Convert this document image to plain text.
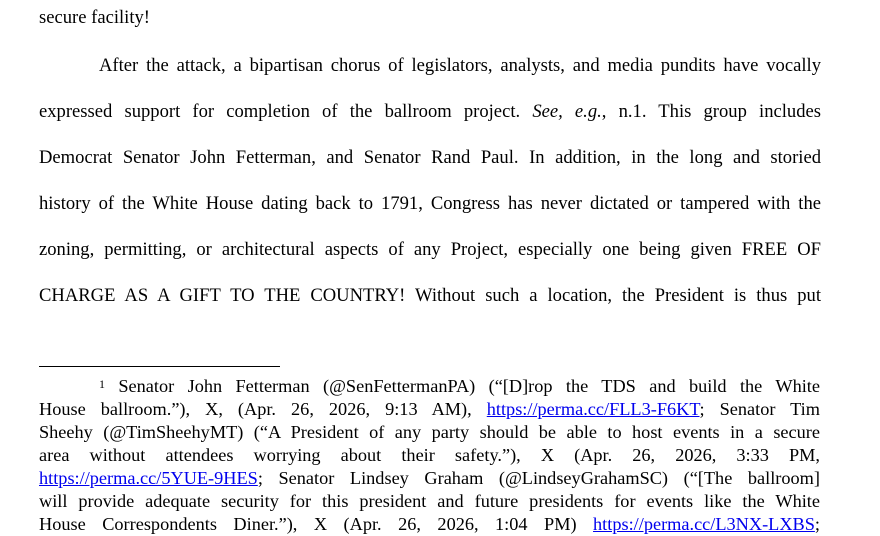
secure facility!
After the attack, a bipartisan chorus of legislators, analysts, and media pundits have vocally
expressed support for completion of the ballroom project. See, e.g., n.1. This group includes
Democrat Senator John Fetterman, and Senator Rand Paul. In addition, in the long and storied
history of the White House dating back to 1791, Congress has never dictated or tampered with the
zoning, permitting, or architectural aspects of any Project, especially one being given FREE OF
CHARGE AS A GIFT TO THE COUNTRY! Without such a location, the President is thus put
$^1$ Senator John Fetterman (@SenFettermanPA) (“[D]rop the TDS and build the White
House ballroom.”), X, (Apr. 26, 2026, 9:13 AM), https://perma.cc/FLL3-F6KT; Senator Tim
Sheehy (@TimSheehyMT) (“A President of any party should be able to host events in a secure
area without attendees worrying about their safety.”), X (Apr. 26, 2026, 3:33 PM,
https://perma.cc/5YUE-9HES; Senator Lindsey Graham (@LindseyGrahamSC) (“[The ballroom]
will provide adequate security for this president and future presidents for events like the White
House Correspondents Diner.”), X (Apr. 26, 2026, 1:04 PM) https://perma.cc/L3NX-LXBS;
